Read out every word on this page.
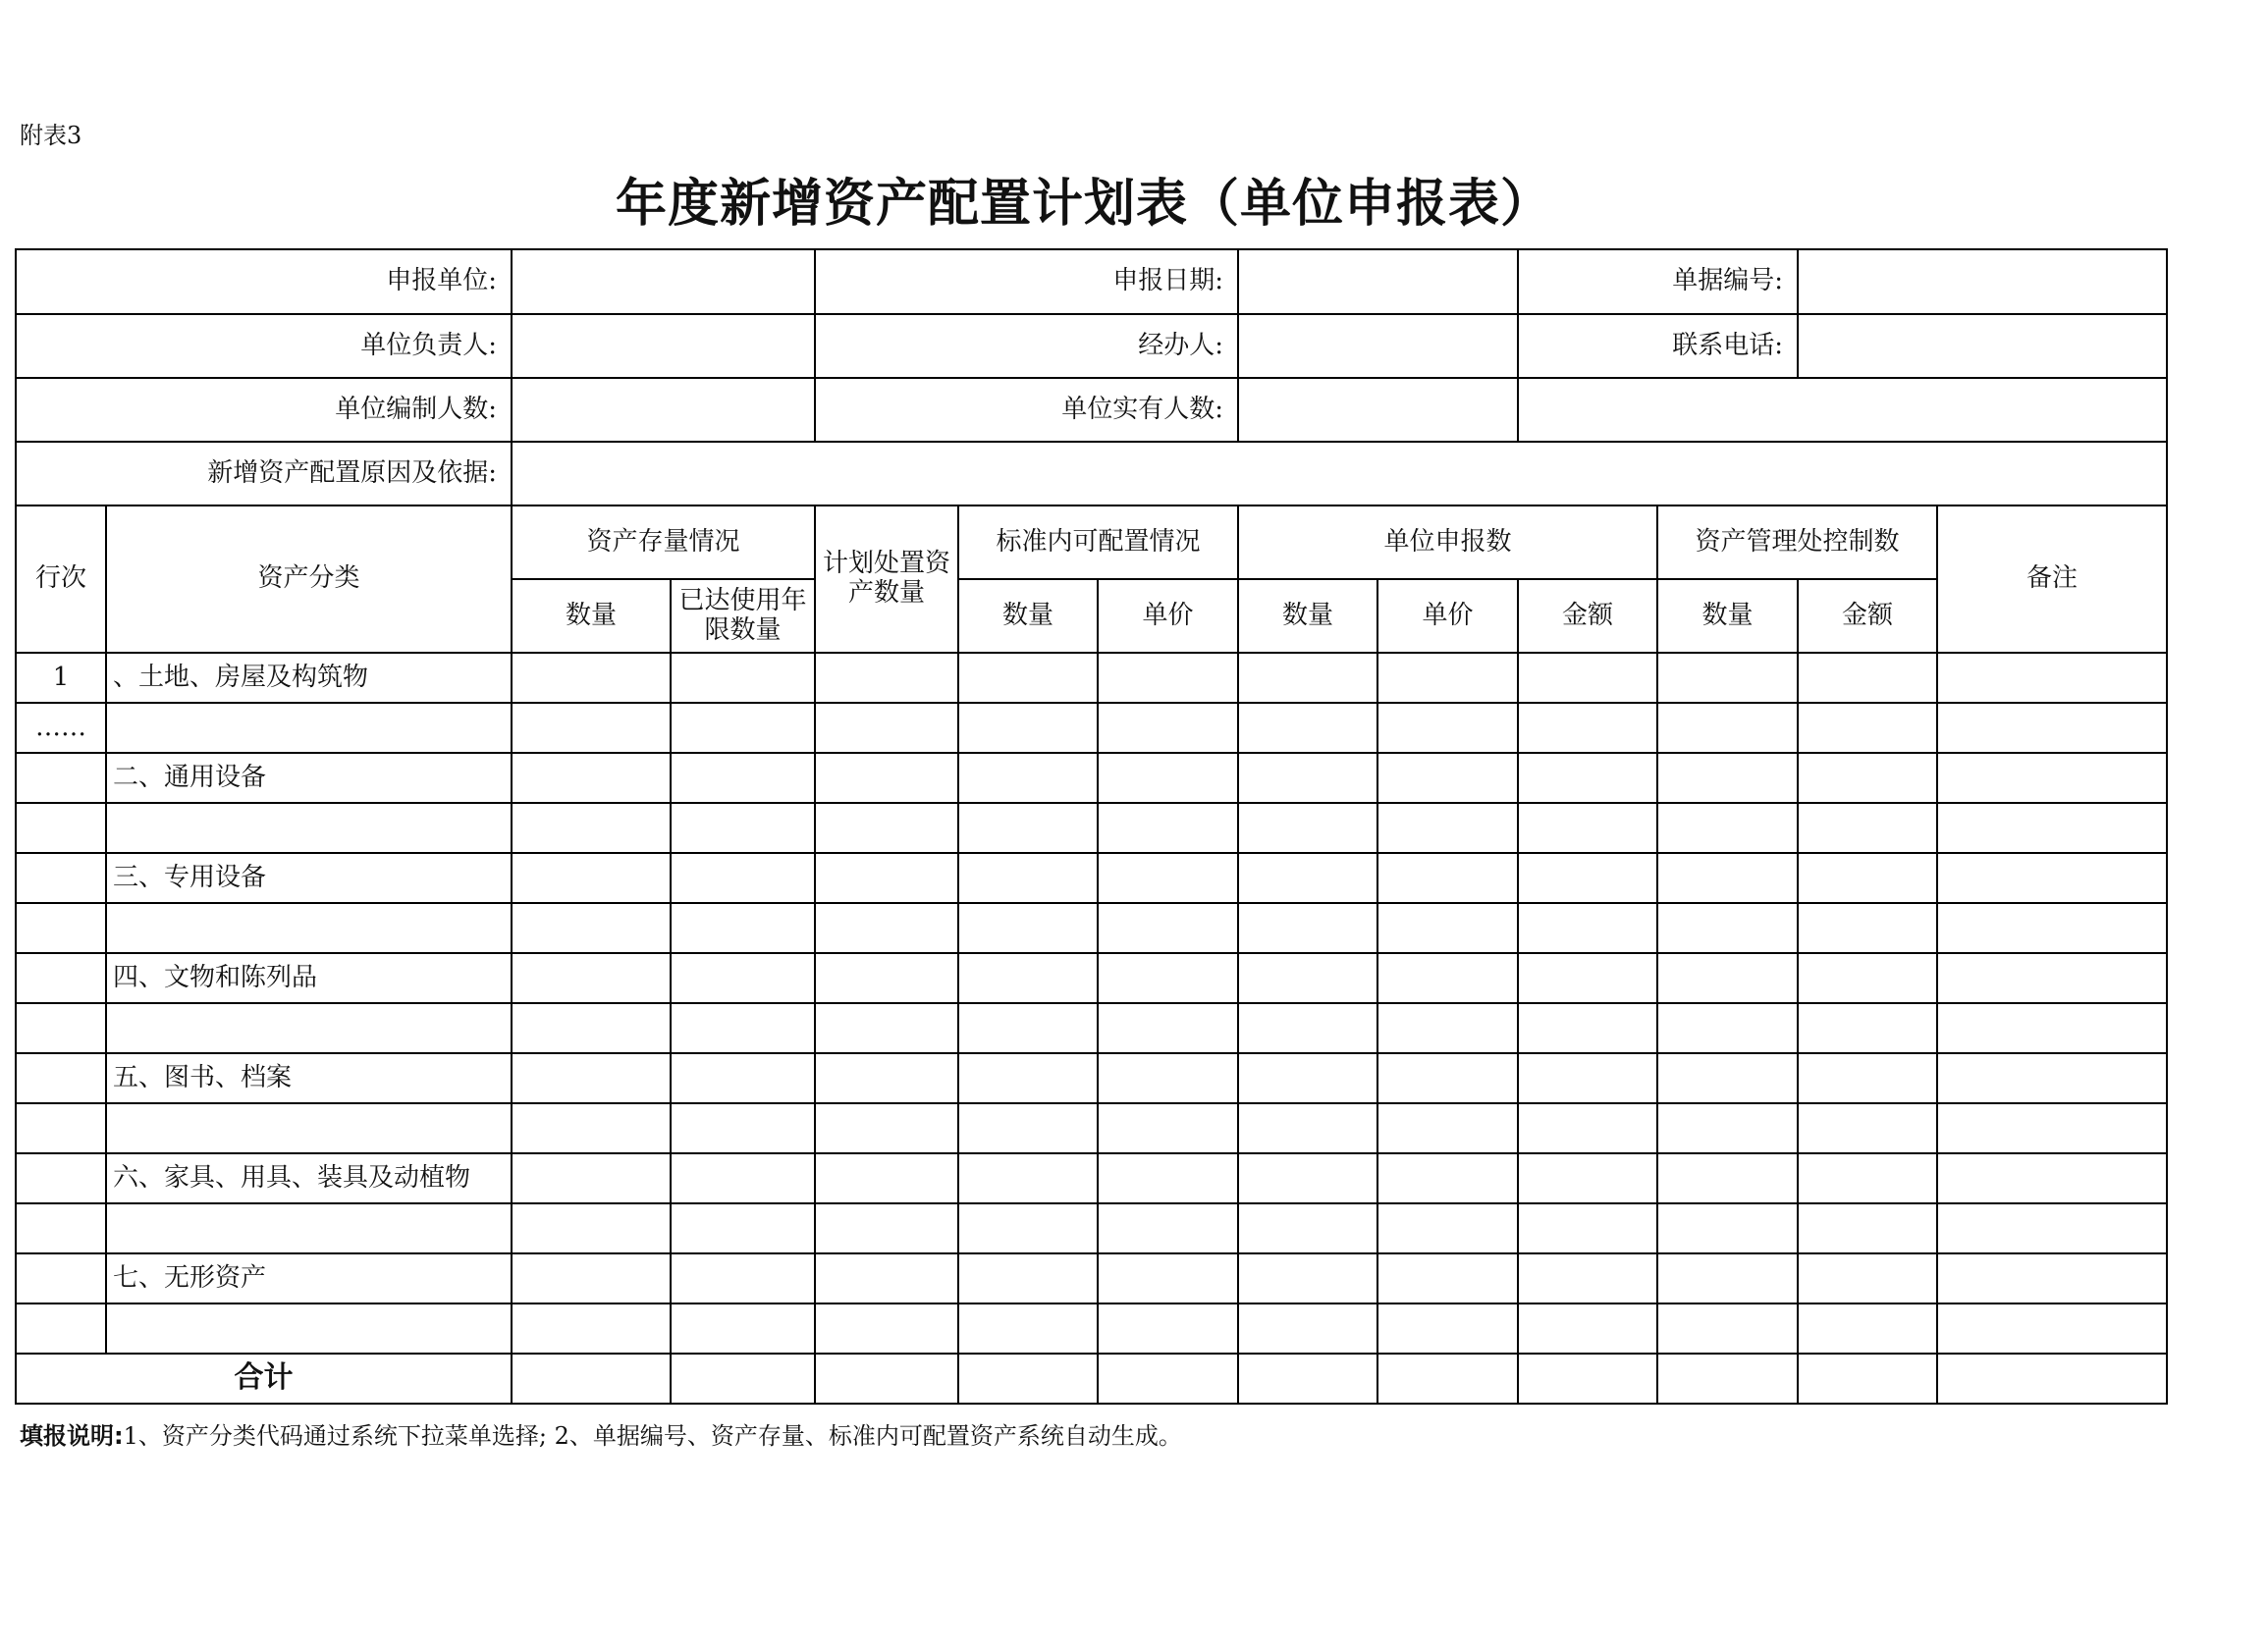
附表3
年度新增资产配置计划表（单位申报表）
申报单位:				申报日期:					单据编号:			
单位负责人:				经办人:					联系电话:			
单位编制人数:				单位实有人数:								
新增资产配置原因及依据:												
行次	资产分类	资产存量情况		计划处置资产数量	标准内可配置情况		单位申报数			资产管理处控制数		备注
		数量	已达使用年限数量		数量	单价	数量	单价	金额	数量	金额	
1	、土地、房屋及构筑物											
……												
	二、通用设备											

	三、专用设备											

	四、文物和陈列品											

	五、图书、档案											

	六、家具、用具、装具及动植物											

	七、无形资产											

合计												
填报说明:1、资产分类代码通过系统下拉菜单选择; 2、单据编号、资产存量、标准内可配置资产系统自动生成。
